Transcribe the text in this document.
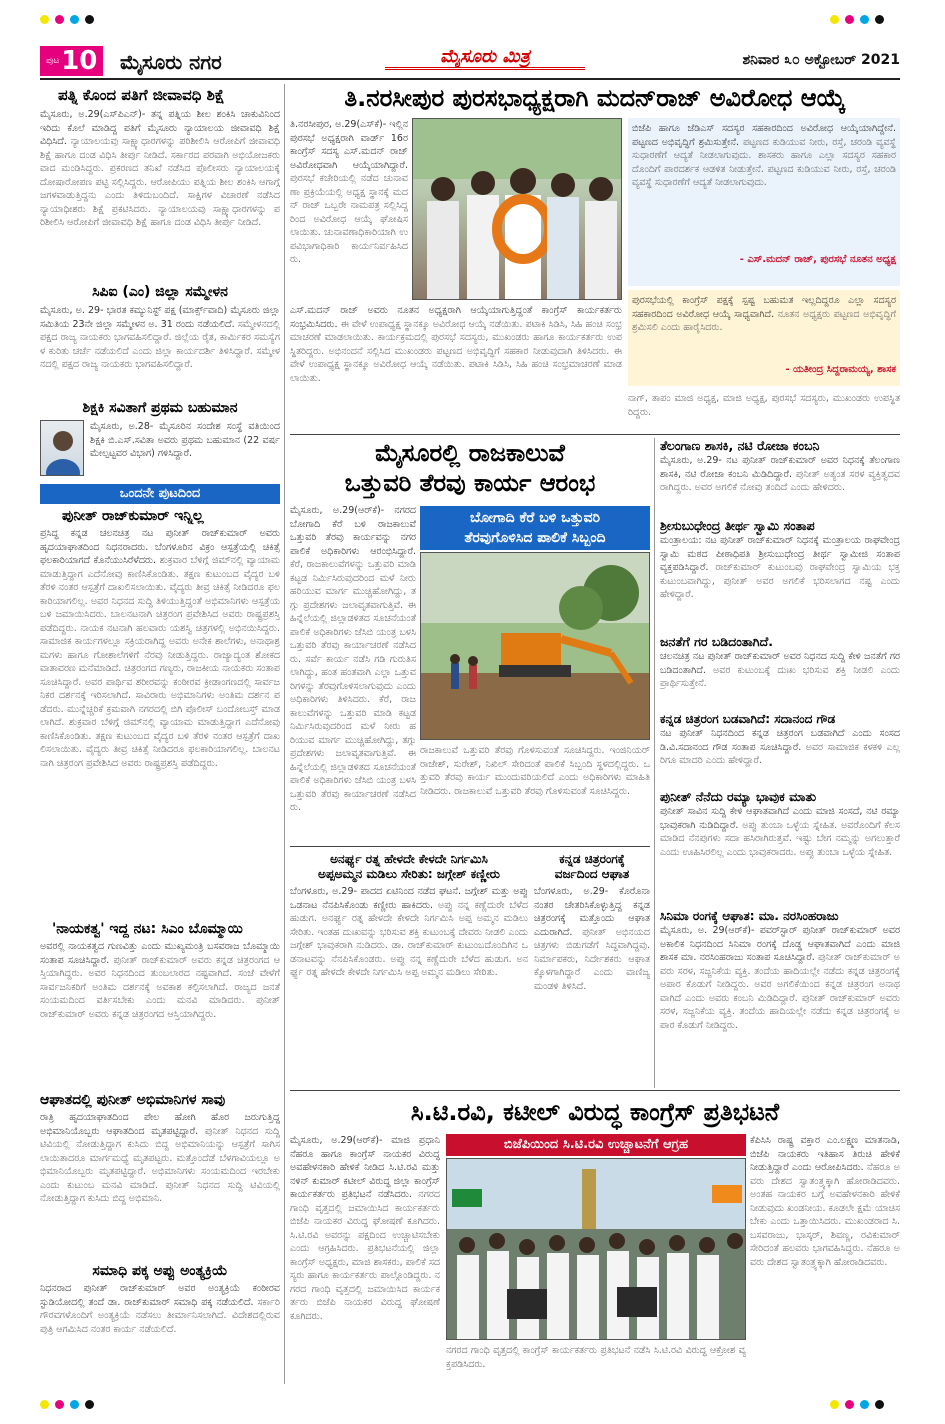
ಪುಟ 10 ಮೈಸೂರು ನಗರ	ಮೈಸೂರು ಮಿತ್ರ	ಶನಿವಾರ ೩೦ ಅಕ್ಟೋಬರ್ 2021
ಪತ್ನಿ ಕೊಂದ ಪತಿಗೆ ಜೀವಾವಧಿ ಶಿಕ್ಷೆ
ಮೈಸೂರು, ಅ.29(ಎಸ್‌ಪಿಎನ್)- ತನ್ನ ಪತ್ನಿಯ ಶೀಲ ಶಂಕಿಸಿ ಚಾಕುವಿನಿಂದ ಇರಿದು ಕೊಲೆ ಮಾಡಿದ್ದ ಪತಿಗೆ ಮೈಸೂರು ನ್ಯಾಯಾಲಯ ಜೀವಾವಧಿ ಶಿಕ್ಷೆ ವಿಧಿಸಿದೆ. ನ್ಯಾಯಾಲಯವು ಸಾಕ್ಷ್ಯಾಧಾರಗಳನ್ನು ಪರಿಶೀಲಿಸಿ ಆರೋಪಿಗೆ ಜೀವಾವಧಿ ಶಿಕ್ಷೆ ಹಾಗೂ ದಂಡ ವಿಧಿಸಿ ತೀರ್ಪು ನೀಡಿದೆ. ಸರ್ಕಾರದ ಪರವಾಗಿ ಅಭಿಯೋಜಕರು ವಾದ ಮಂಡಿಸಿದ್ದರು. ಪ್ರಕರಣದ ತನಿಖೆ ನಡೆಸಿದ ಪೊಲೀಸರು ನ್ಯಾಯಾಲಯಕ್ಕೆ ದೋಷಾರೋಪಣ ಪಟ್ಟಿ ಸಲ್ಲಿಸಿದ್ದರು. ಆರೋಪಿಯು ಪತ್ನಿಯ ಶೀಲ ಶಂಕಿಸಿ ಆಗಾಗ್ಗೆ ಜಗಳವಾಡುತ್ತಿದ್ದನು ಎಂದು ತಿಳಿದುಬಂದಿದೆ. ಸಾಕ್ಷಿಗಳ ವಿಚಾರಣೆ ನಡೆಸಿದ ನ್ಯಾಯಾಧೀಶರು ಶಿಕ್ಷೆ ಪ್ರಕಟಿಸಿದರು. ನ್ಯಾಯಾಲಯವು ಸಾಕ್ಷ್ಯಾಧಾರಗಳನ್ನು ಪರಿಶೀಲಿಸಿ ಆರೋಪಿಗೆ ಜೀವಾವಧಿ ಶಿಕ್ಷೆ ಹಾಗೂ ದಂಡ ವಿಧಿಸಿ ತೀರ್ಪು ನೀಡಿದೆ.
ಸಿಪಿಐ (ಎಂ) ಜಿಲ್ಲಾ ಸಮ್ಮೇಳನ
ಮೈಸೂರು, ಅ. 29- ಭಾರತ ಕಮ್ಯುನಿಸ್ಟ್ ಪಕ್ಷ (ಮಾರ್ಕ್ಸ್‌ವಾದಿ) ಮೈಸೂರು ಜಿಲ್ಲಾ ಸಮಿತಿಯ 23ನೇ ಜಿಲ್ಲಾ ಸಮ್ಮೇಳನ ಅ. 31 ರಂದು ನಡೆಯಲಿದೆ. ಸಮ್ಮೇಳನದಲ್ಲಿ ಪಕ್ಷದ ರಾಜ್ಯ ನಾಯಕರು ಭಾಗವಹಿಸಲಿದ್ದಾರೆ. ಜಿಲ್ಲೆಯ ರೈತ, ಕಾರ್ಮಿಕರ ಸಮಸ್ಯೆಗಳ ಕುರಿತು ಚರ್ಚೆ ನಡೆಯಲಿದೆ ಎಂದು ಜಿಲ್ಲಾ ಕಾರ್ಯದರ್ಶಿ ತಿಳಿಸಿದ್ದಾರೆ. ಸಮ್ಮೇಳನದಲ್ಲಿ ಪಕ್ಷದ ರಾಜ್ಯ ನಾಯಕರು ಭಾಗವಹಿಸಲಿದ್ದಾರೆ.
ಶಿಕ್ಷಕಿ ಸವಿತಾಗೆ ಪ್ರಥಮ ಬಹುಮಾನ
ಮೈಸೂರು, ಅ.28- ಮೈಸೂರಿನ ಸಂದೇಶ ಸಂಸ್ಥೆ ವತಿಯಿಂದ ಶಿಕ್ಷಕಿ ಬಿ.ಎಸ್.ಸವಿತಾ ಅವರು ಪ್ರಥಮ ಬಹುಮಾನ (22 ವರ್ಷ ಮೇಲ್ಪಟ್ಟವರ ವಿಭಾಗ) ಗಳಿಸಿದ್ದಾರೆ.
ಒಂದನೇ ಪುಟದಿಂದ
ಪುನೀತ್ ರಾಜ್‌ಕುಮಾರ್ ಇನ್ನಿಲ್ಲ
ಪ್ರಸಿದ್ಧ ಕನ್ನಡ ಚಲನಚಿತ್ರ ನಟ ಪುನೀತ್ ರಾಜ್‌ಕುಮಾರ್ ಅವರು ಹೃದಯಾಘಾತದಿಂದ ನಿಧನರಾದರು. ಬೆಂಗಳೂರಿನ ವಿಕ್ರಂ ಆಸ್ಪತ್ರೆಯಲ್ಲಿ ಚಿಕಿತ್ಸೆ ಫಲಕಾರಿಯಾಗದೆ ಕೊನೆಯುಸಿರೆಳೆದರು. ಶುಕ್ರವಾರ ಬೆಳಿಗ್ಗೆ ಜಿಮ್‌ನಲ್ಲಿ ವ್ಯಾಯಾಮ ಮಾಡುತ್ತಿದ್ದಾಗ ಎದೆನೋವು ಕಾಣಿಸಿಕೊಂಡಿತು. ತಕ್ಷಣ ಕುಟುಂಬದ ವೈದ್ಯರ ಬಳಿ ತೆರಳಿ ನಂತರ ಆಸ್ಪತ್ರೆಗೆ ದಾಖಲಿಸಲಾಯಿತು. ವೈದ್ಯರು ತೀವ್ರ ಚಿಕಿತ್ಸೆ ನೀಡಿದರೂ ಫಲಕಾರಿಯಾಗಲಿಲ್ಲ. ಅವರ ನಿಧನದ ಸುದ್ದಿ ತಿಳಿಯುತ್ತಿದ್ದಂತೆ ಅಭಿಮಾನಿಗಳು ಆಸ್ಪತ್ರೆಯ ಬಳಿ ಜಮಾಯಿಸಿದರು. ಬಾಲನಟನಾಗಿ ಚಿತ್ರರಂಗ ಪ್ರವೇಶಿಸಿದ ಅವರು ರಾಷ್ಟ್ರಪ್ರಶಸ್ತಿ ಪಡೆದಿದ್ದರು. ನಾಯಕ ನಟನಾಗಿ ಹಲವಾರು ಯಶಸ್ವಿ ಚಿತ್ರಗಳಲ್ಲಿ ಅಭಿನಯಿಸಿದ್ದರು. ಸಾಮಾಜಿಕ ಕಾರ್ಯಗಳಲ್ಲೂ ಸಕ್ರಿಯರಾಗಿದ್ದ ಅವರು ಅನೇಕ ಶಾಲೆಗಳು, ಅನಾಥಾಶ್ರಮಗಳು ಹಾಗೂ ಗೋಶಾಲೆಗಳಿಗೆ ನೆರವು ನೀಡುತ್ತಿದ್ದರು. ರಾಜ್ಯಾದ್ಯಂತ ಶೋಕದ ವಾತಾವರಣ ಮನೆಮಾಡಿದೆ. ಚಿತ್ರರಂಗದ ಗಣ್ಯರು, ರಾಜಕೀಯ ನಾಯಕರು ಸಂತಾಪ ಸೂಚಿಸಿದ್ದಾರೆ. ಅವರ ಪಾರ್ಥಿವ ಶರೀರವನ್ನು ಕಂಠೀರವ ಕ್ರೀಡಾಂಗಣದಲ್ಲಿ ಸಾರ್ವಜನಿಕರ ದರ್ಶನಕ್ಕೆ ಇರಿಸಲಾಗಿದೆ. ಸಾವಿರಾರು ಅಭಿಮಾನಿಗಳು ಅಂತಿಮ ದರ್ಶನ ಪಡೆದರು. ಮುನ್ನೆಚ್ಚರಿಕೆ ಕ್ರಮವಾಗಿ ನಗರದಲ್ಲಿ ಬಿಗಿ ಪೊಲೀಸ್ ಬಂದೋಬಸ್ತ್ ಮಾಡಲಾಗಿದೆ. ಶುಕ್ರವಾರ ಬೆಳಿಗ್ಗೆ ಜಿಮ್‌ನಲ್ಲಿ ವ್ಯಾಯಾಮ ಮಾಡುತ್ತಿದ್ದಾಗ ಎದೆನೋವು ಕಾಣಿಸಿಕೊಂಡಿತು. ತಕ್ಷಣ ಕುಟುಂಬದ ವೈದ್ಯರ ಬಳಿ ತೆರಳಿ ನಂತರ ಆಸ್ಪತ್ರೆಗೆ ದಾಖಲಿಸಲಾಯಿತು. ವೈದ್ಯರು ತೀವ್ರ ಚಿಕಿತ್ಸೆ ನೀಡಿದರೂ ಫಲಕಾರಿಯಾಗಲಿಲ್ಲ. ಬಾಲನಟನಾಗಿ ಚಿತ್ರರಂಗ ಪ್ರವೇಶಿಸಿದ ಅವರು ರಾಷ್ಟ್ರಪ್ರಶಸ್ತಿ ಪಡೆದಿದ್ದರು.
'ನಾಯಕತ್ವ' ಇದ್ದ ನಟ: ಸಿಎಂ ಬೊಮ್ಮಾಯಿ
ಅವರಲ್ಲಿ ನಾಯಕತ್ವದ ಗುಣವಿತ್ತು ಎಂದು ಮುಖ್ಯಮಂತ್ರಿ ಬಸವರಾಜ ಬೊಮ್ಮಾಯಿ ಸಂತಾಪ ಸೂಚಿಸಿದ್ದಾರೆ. ಪುನೀತ್ ರಾಜ್‌ಕುಮಾರ್ ಅವರು ಕನ್ನಡ ಚಿತ್ರರಂಗದ ಆಸ್ತಿಯಾಗಿದ್ದರು. ಅವರ ನಿಧನದಿಂದ ತುಂಬಲಾರದ ನಷ್ಟವಾಗಿದೆ. ಸಂಜೆ ವೇಳೆಗೆ ಸಾರ್ವಜನಿಕರಿಗೆ ಅಂತಿಮ ದರ್ಶನಕ್ಕೆ ಅವಕಾಶ ಕಲ್ಪಿಸಲಾಗಿದೆ. ರಾಜ್ಯದ ಜನತೆ ಸಂಯಮದಿಂದ ವರ್ತಿಸಬೇಕು ಎಂದು ಮನವಿ ಮಾಡಿದರು. ಪುನೀತ್ ರಾಜ್‌ಕುಮಾರ್ ಅವರು ಕನ್ನಡ ಚಿತ್ರರಂಗದ ಆಸ್ತಿಯಾಗಿದ್ದರು.
ಆಘಾತದಲ್ಲಿ ಪುನೀತ್ ಅಭಿಮಾನಿಗಳ ಸಾವು
ರಾತ್ರಿ ಹೃದಯಾಘಾತದಿಂದ ಪೇಲ ಹೋಗಿ ಹೊರ ಜರುಗುತ್ತಿದ್ದ ಅಭಿಮಾನಿಯೊಬ್ಬರು ಆಘಾತದಿಂದ ಮೃತಪಟ್ಟಿದ್ದಾರೆ. ಪುನೀತ್ ನಿಧನದ ಸುದ್ದಿ ಟಿವಿಯಲ್ಲಿ ನೋಡುತ್ತಿದ್ದಾಗ ಕುಸಿದು ಬಿದ್ದ ಅಭಿಮಾನಿಯನ್ನು ಆಸ್ಪತ್ರೆಗೆ ಸಾಗಿಸಲಾಯಿತಾದರೂ ಮಾರ್ಗಮಧ್ಯೆ ಮೃತಪಟ್ಟರು. ಮತ್ತೊಂದೆಡೆ ಬೆಳಗಾವಿಯಲ್ಲೂ ಅಭಿಮಾನಿಯೊಬ್ಬರು ಮೃತಪಟ್ಟಿದ್ದಾರೆ. ಅಭಿಮಾನಿಗಳು ಸಂಯಮದಿಂದ ಇರಬೇಕು ಎಂದು ಕುಟುಂಬ ಮನವಿ ಮಾಡಿದೆ. ಪುನೀತ್ ನಿಧನದ ಸುದ್ದಿ ಟಿವಿಯಲ್ಲಿ ನೋಡುತ್ತಿದ್ದಾಗ ಕುಸಿದು ಬಿದ್ದ ಅಭಿಮಾನಿ.
ಸಮಾಧಿ ಪಕ್ಕ ಅಪ್ಪು ಅಂತ್ಯಕ್ರಿಯೆ
ನಿಧನರಾದ ಪುನೀತ್ ರಾಜ್‌ಕುಮಾರ್ ಅವರ ಅಂತ್ಯಕ್ರಿಯೆ ಕಂಠೀರವ ಸ್ಟುಡಿಯೋದಲ್ಲಿ ತಂದೆ ಡಾ. ರಾಜ್‌ಕುಮಾರ್ ಸಮಾಧಿ ಪಕ್ಕ ನಡೆಯಲಿದೆ. ಸರ್ಕಾರಿ ಗೌರವಗಳೊಂದಿಗೆ ಅಂತ್ಯಕ್ರಿಯೆ ನಡೆಸಲು ತೀರ್ಮಾನಿಸಲಾಗಿದೆ. ವಿದೇಶದಲ್ಲಿರುವ ಪುತ್ರಿ ಆಗಮಿಸಿದ ನಂತರ ಕಾರ್ಯ ನಡೆಯಲಿದೆ.
ತಿ.ನರಸೀಪುರ ಪುರಸಭಾಧ್ಯಕ್ಷರಾಗಿ ಮದನ್‌ರಾಜ್ ಅವಿರೋಧ ಆಯ್ಕೆ
ತಿ.ನರಸೀಪುರ, ಅ.29(ಎಸ್‌ಕೆ)- ಇಲ್ಲಿನ ಪುರಸಭೆ ಅಧ್ಯಕ್ಷರಾಗಿ ವಾರ್ಡ್ 16ರ ಕಾಂಗ್ರೆಸ್ ಸದಸ್ಯ ಎಸ್.ಮದನ್ ರಾಜ್ ಅವಿರೋಧವಾಗಿ ಆಯ್ಕೆಯಾಗಿದ್ದಾರೆ. ಪುರಸಭೆ ಕಚೇರಿಯಲ್ಲಿ ನಡೆದ ಚುನಾವಣಾ ಪ್ರಕ್ರಿಯೆಯಲ್ಲಿ ಅಧ್ಯಕ್ಷ ಸ್ಥಾನಕ್ಕೆ ಮದನ್ ರಾಜ್ ಒಬ್ಬರೇ ನಾಮಪತ್ರ ಸಲ್ಲಿಸಿದ್ದರಿಂದ ಅವಿರೋಧ ಆಯ್ಕೆ ಘೋಷಿಸಲಾಯಿತು. ಚುನಾವಣಾಧಿಕಾರಿಯಾಗಿ ಉಪವಿಭಾಗಾಧಿಕಾರಿ ಕಾರ್ಯನಿರ್ವಹಿಸಿದರು.
ಬಿಜೆಪಿ ಹಾಗೂ ಜೆಡಿಎಸ್ ಸದಸ್ಯರ ಸಹಕಾರದಿಂದ ಅವಿರೋಧ ಆಯ್ಕೆಯಾಗಿದ್ದೇನೆ. ಪಟ್ಟಣದ ಅಭಿವೃದ್ಧಿಗೆ ಶ್ರಮಿಸುತ್ತೇನೆ. ಪಟ್ಟಣದ ಕುಡಿಯುವ ನೀರು, ರಸ್ತೆ, ಚರಂಡಿ ವ್ಯವಸ್ಥೆ ಸುಧಾರಣೆಗೆ ಆದ್ಯತೆ ನೀಡಲಾಗುವುದು. ಶಾಸಕರು ಹಾಗೂ ಎಲ್ಲಾ ಸದಸ್ಯರ ಸಹಕಾರದೊಂದಿಗೆ ಪಾರದರ್ಶಕ ಆಡಳಿತ ನೀಡುತ್ತೇನೆ. ಪಟ್ಟಣದ ಕುಡಿಯುವ ನೀರು, ರಸ್ತೆ, ಚರಂಡಿ ವ್ಯವಸ್ಥೆ ಸುಧಾರಣೆಗೆ ಆದ್ಯತೆ ನೀಡಲಾಗುವುದು.
- ಎಸ್.ಮದನ್ ರಾಜ್, ಪುರಸಭೆ ನೂತನ ಅಧ್ಯಕ್ಷ
ಪುರಸಭೆಯಲ್ಲಿ ಕಾಂಗ್ರೆಸ್ ಪಕ್ಷಕ್ಕೆ ಸ್ಪಷ್ಟ ಬಹುಮತ ಇಲ್ಲದಿದ್ದರೂ ಎಲ್ಲಾ ಸದಸ್ಯರ ಸಹಕಾರದಿಂದ ಅವಿರೋಧ ಆಯ್ಕೆ ಸಾಧ್ಯವಾಗಿದೆ. ನೂತನ ಅಧ್ಯಕ್ಷರು ಪಟ್ಟಣದ ಅಭಿವೃದ್ಧಿಗೆ ಶ್ರಮಿಸಲಿ ಎಂದು ಹಾರೈಸಿದರು.
- ಯತೀಂದ್ರ ಸಿದ್ದರಾಮಯ್ಯ, ಶಾಸಕ
ಎಸ್.ಮದನ್ ರಾಜ್ ಅವರು ನೂತನ ಅಧ್ಯಕ್ಷರಾಗಿ ಆಯ್ಕೆಯಾಗುತ್ತಿದ್ದಂತೆ ಕಾಂಗ್ರೆಸ್ ಕಾರ್ಯಕರ್ತರು ಸಂಭ್ರಮಿಸಿದರು. ಈ ವೇಳೆ ಉಪಾಧ್ಯಕ್ಷ ಸ್ಥಾನಕ್ಕೂ ಅವಿರೋಧ ಆಯ್ಕೆ ನಡೆಯಿತು. ಪಟಾಕಿ ಸಿಡಿಸಿ, ಸಿಹಿ ಹಂಚಿ ಸಂಭ್ರಮಾಚರಣೆ ಮಾಡಲಾಯಿತು. ಕಾರ್ಯಕ್ರಮದಲ್ಲಿ ಪುರಸಭೆ ಸದಸ್ಯರು, ಮುಖಂಡರು ಹಾಗೂ ಕಾರ್ಯಕರ್ತರು ಉಪಸ್ಥಿತರಿದ್ದರು. ಅಭಿನಂದನೆ ಸಲ್ಲಿಸಿದ ಮುಖಂಡರು ಪಟ್ಟಣದ ಅಭಿವೃದ್ಧಿಗೆ ಸಹಕಾರ ನೀಡುವುದಾಗಿ ತಿಳಿಸಿದರು. ಈ ವೇಳೆ ಉಪಾಧ್ಯಕ್ಷ ಸ್ಥಾನಕ್ಕೂ ಅವಿರೋಧ ಆಯ್ಕೆ ನಡೆಯಿತು. ಪಟಾಕಿ ಸಿಡಿಸಿ, ಸಿಹಿ ಹಂಚಿ ಸಂಭ್ರಮಾಚರಣೆ ಮಾಡಲಾಯಿತು.
ನಾಗ್, ತಾಪಂ ಮಾಜಿ ಅಧ್ಯಕ್ಷ, ಮಾಜಿ ಅಧ್ಯಕ್ಷ, ಪುರಸಭೆ ಸದಸ್ಯರು, ಮುಖಂಡರು ಉಪಸ್ಥಿತರಿದ್ದರು.
ಮೈಸೂರಲ್ಲಿ ರಾಜಕಾಲುವೆ
ಒತ್ತುವರಿ ತೆರವು ಕಾರ್ಯ ಆರಂಭ
ಮೈಸೂರು, ಅ.29(ಆರ್‌ಕೆ)- ನಗರದ ಬೋಗಾದಿ ಕೆರೆ ಬಳಿ ರಾಜಕಾಲುವೆ ಒತ್ತುವರಿ ತೆರವು ಕಾರ್ಯವನ್ನು ನಗರ ಪಾಲಿಕೆ ಅಧಿಕಾರಿಗಳು ಆರಂಭಿಸಿದ್ದಾರೆ. ಕೆರೆ, ರಾಜಕಾಲುವೆಗಳನ್ನು ಒತ್ತುವರಿ ಮಾಡಿ ಕಟ್ಟಡ ನಿರ್ಮಿಸಿರುವುದರಿಂದ ಮಳೆ ನೀರು ಹರಿಯುವ ಮಾರ್ಗ ಮುಚ್ಚಿಹೋಗಿದ್ದು, ತಗ್ಗು ಪ್ರದೇಶಗಳು ಜಲಾವೃತವಾಗುತ್ತಿವೆ. ಈ ಹಿನ್ನೆಲೆಯಲ್ಲಿ ಜಿಲ್ಲಾಡಳಿತದ ಸೂಚನೆಯಂತೆ ಪಾಲಿಕೆ ಅಧಿಕಾರಿಗಳು ಜೆಸಿಬಿ ಯಂತ್ರ ಬಳಸಿ ಒತ್ತುವರಿ ತೆರವು ಕಾರ್ಯಾಚರಣೆ ನಡೆಸಿದರು. ಸರ್ವೆ ಕಾರ್ಯ ನಡೆಸಿ ಗಡಿ ಗುರುತಿಸಲಾಗಿದ್ದು, ಹಂತ ಹಂತವಾಗಿ ಎಲ್ಲಾ ಒತ್ತುವರಿಗಳನ್ನು ತೆರವುಗೊಳಿಸಲಾಗುವುದು ಎಂದು ಅಧಿಕಾರಿಗಳು ತಿಳಿಸಿದರು. ಕೆರೆ, ರಾಜಕಾಲುವೆಗಳನ್ನು ಒತ್ತುವರಿ ಮಾಡಿ ಕಟ್ಟಡ ನಿರ್ಮಿಸಿರುವುದರಿಂದ ಮಳೆ ನೀರು ಹರಿಯುವ ಮಾರ್ಗ ಮುಚ್ಚಿಹೋಗಿದ್ದು, ತಗ್ಗು ಪ್ರದೇಶಗಳು ಜಲಾವೃತವಾಗುತ್ತಿವೆ. ಈ ಹಿನ್ನೆಲೆಯಲ್ಲಿ ಜಿಲ್ಲಾಡಳಿತದ ಸೂಚನೆಯಂತೆ ಪಾಲಿಕೆ ಅಧಿಕಾರಿಗಳು ಜೆಸಿಬಿ ಯಂತ್ರ ಬಳಸಿ ಒತ್ತುವರಿ ತೆರವು ಕಾರ್ಯಾಚರಣೆ ನಡೆಸಿದರು.
ಬೋಗಾದಿ ಕೆರೆ ಬಳಿ ಒತ್ತುವರಿ
ತೆರವುಗೊಳಿಸಿದ ಪಾಲಿಕೆ ಸಿಬ್ಬಂದಿ
ರಾಜಕಾಲುವೆ ಒತ್ತುವರಿ ತೆರವು ಗೊಳಿಸುವಂತೆ ಸೂಚಿಸಿದ್ದರು. ಇಂಜಿನಿಯರ್ ರಾಜೇಶ್, ಸುರೇಶ್, ನಿಖಿಲ್ ಸೇರಿದಂತೆ ಪಾಲಿಕೆ ಸಿಬ್ಬಂದಿ ಸ್ಥಳದಲ್ಲಿದ್ದರು. ಒತ್ತುವರಿ ತೆರವು ಕಾರ್ಯ ಮುಂದುವರಿಯಲಿದೆ ಎಂದು ಅಧಿಕಾರಿಗಳು ಮಾಹಿತಿ ನೀಡಿದರು. ರಾಜಕಾಲುವೆ ಒತ್ತುವರಿ ತೆರವು ಗೊಳಿಸುವಂತೆ ಸೂಚಿಸಿದ್ದರು.
ಅನರ್ಘ್ಯ ರತ್ನ ಹೇಳದೇ ಕೇಳದೇ ನಿರ್ಗಮಿಸಿ
ಅಪ್ಪಅಮ್ಮನ ಮಡಿಲು ಸೇರಿತು: ಜಗ್ಗೇಶ್ ಕಣ್ಣೀರು
ಬೆಂಗಳೂರು, ಅ.29- ಪಾದದ ಏಟಿನಿಂದ ನಡೆದ ಘಟನೆ. ಜಗ್ಗೇಶ್ ಮತ್ತು ಅಪ್ಪು ಒಡನಾಟ ನೆನಪಿಸಿಕೊಂಡು ಕಣ್ಣೀರು ಹಾಕಿದರು. ಅಪ್ಪು ನನ್ನ ಕಣ್ಣೆದುರೇ ಬೆಳೆದ ಹುಡುಗ. ಅನರ್ಘ್ಯ ರತ್ನ ಹೇಳದೇ ಕೇಳದೇ ನಿರ್ಗಮಿಸಿ ಅಪ್ಪ ಅಮ್ಮನ ಮಡಿಲು ಸೇರಿತು. ಇಂತಹ ದುಃಖವನ್ನು ಭರಿಸುವ ಶಕ್ತಿ ಕುಟುಂಬಕ್ಕೆ ದೇವರು ನೀಡಲಿ ಎಂದು ಜಗ್ಗೇಶ್ ಭಾವುಕರಾಗಿ ನುಡಿದರು. ಡಾ. ರಾಜ್‌ಕುಮಾರ್ ಕುಟುಂಬದೊಂದಿಗಿನ ಒಡನಾಟವನ್ನು ನೆನಪಿಸಿಕೊಂಡರು. ಅಪ್ಪು ನನ್ನ ಕಣ್ಣೆದುರೇ ಬೆಳೆದ ಹುಡುಗ. ಅನರ್ಘ್ಯ ರತ್ನ ಹೇಳದೇ ಕೇಳದೇ ನಿರ್ಗಮಿಸಿ ಅಪ್ಪ ಅಮ್ಮನ ಮಡಿಲು ಸೇರಿತು.
ಕನ್ನಡ ಚಿತ್ರರಂಗಕ್ಕೆ
ವರ್ಜದಿಂದ ಆಘಾತ
ಬೆಂಗಳೂರು, ಅ.29- ಕೊರೊನಾ ನಂತರ ಚೇತರಿಸಿಕೊಳ್ಳುತ್ತಿದ್ದ ಕನ್ನಡ ಚಿತ್ರರಂಗಕ್ಕೆ ಮತ್ತೊಂದು ಆಘಾತ ಎದುರಾಗಿದೆ. ಪುನೀತ್ ಅಭಿನಯದ ಚಿತ್ರಗಳು ಬಿಡುಗಡೆಗೆ ಸಿದ್ಧವಾಗಿದ್ದವು. ನಿರ್ಮಾಪಕರು, ನಿರ್ದೇಶಕರು ಆಘಾತಕ್ಕೊಳಗಾಗಿದ್ದಾರೆ ಎಂದು ವಾಣಿಜ್ಯ ಮಂಡಳಿ ತಿಳಿಸಿದೆ.
ತೆಲಂಗಾಣ ಶಾಸಕಿ, ನಟಿ ರೋಜಾ ಕಂಬನಿ
ಮೈಸೂರು, ಅ.29- ನಟ ಪುನೀತ್ ರಾಜ್‌ಕುಮಾರ್ ಅವರ ನಿಧನಕ್ಕೆ ತೆಲಂಗಾಣ ಶಾಸಕಿ, ನಟಿ ರೋಜಾ ಕಂಬನಿ ಮಿಡಿದಿದ್ದಾರೆ. ಪುನೀತ್ ಅತ್ಯಂತ ಸರಳ ವ್ಯಕ್ತಿತ್ವದವರಾಗಿದ್ದರು. ಅವರ ಅಗಲಿಕೆ ನೋವು ತಂದಿದೆ ಎಂದು ಹೇಳಿದರು.
ಶ್ರೀಸುಬುಧೇಂದ್ರ ತೀರ್ಥ ಸ್ವಾಮಿ ಸಂತಾಪ
ಮಂತ್ರಾಲಯ: ನಟ ಪುನೀತ್ ರಾಜ್‌ಕುಮಾರ್ ನಿಧನಕ್ಕೆ ಮಂತ್ರಾಲಯ ರಾಘವೇಂದ್ರ ಸ್ವಾಮಿ ಮಠದ ಪೀಠಾಧಿಪತಿ ಶ್ರೀಸುಬುಧೇಂದ್ರ ತೀರ್ಥ ಸ್ವಾಮೀಜಿ ಸಂತಾಪ ವ್ಯಕ್ತಪಡಿಸಿದ್ದಾರೆ. ರಾಜ್‌ಕುಮಾರ್ ಕುಟುಂಬವು ರಾಘವೇಂದ್ರ ಸ್ವಾಮಿಯ ಭಕ್ತ ಕುಟುಂಬವಾಗಿದ್ದು, ಪುನೀತ್ ಅವರ ಅಗಲಿಕೆ ಭರಿಸಲಾಗದ ನಷ್ಟ ಎಂದು ಹೇಳಿದ್ದಾರೆ.
ಜನತೆಗೆ ಗರ ಬಡಿದಂತಾಗಿದೆ.
ಚಲನಚಿತ್ರ ನಟ ಪುನೀತ್ ರಾಜ್‌ಕುಮಾರ್ ಅವರ ನಿಧನದ ಸುದ್ದಿ ಕೇಳಿ ಜನತೆಗೆ ಗರ ಬಡಿದಂತಾಗಿದೆ. ಅವರ ಕುಟುಂಬಕ್ಕೆ ದುಃಖ ಭರಿಸುವ ಶಕ್ತಿ ನೀಡಲಿ ಎಂದು ಪ್ರಾರ್ಥಿಸುತ್ತೇನೆ.
ಕನ್ನಡ ಚಿತ್ರರಂಗ ಬಡವಾಗಿದೆ: ಸದಾನಂದ ಗೌಡ
ನಟ ಪುನೀತ್ ನಿಧನದಿಂದ ಕನ್ನಡ ಚಿತ್ರರಂಗ ಬಡವಾಗಿದೆ ಎಂದು ಸಂಸದ ಡಿ.ವಿ.ಸದಾನಂದ ಗೌಡ ಸಂತಾಪ ಸೂಚಿಸಿದ್ದಾರೆ. ಅವರ ಸಾಮಾಜಿಕ ಕಳಕಳಿ ಎಲ್ಲರಿಗೂ ಮಾದರಿ ಎಂದು ಹೇಳಿದ್ದಾರೆ.
ಪುನೀತ್ ನೆನೆದು ರಮ್ಯಾ ಭಾವುಕ ಮಾತು
ಪುನೀತ್ ಸಾವಿನ ಸುದ್ದಿ ಕೇಳಿ ಆಘಾತವಾಗಿದೆ ಎಂದು ಮಾಜಿ ಸಂಸದೆ, ನಟಿ ರಮ್ಯಾ ಭಾವುಕರಾಗಿ ನುಡಿದಿದ್ದಾರೆ. ಅಪ್ಪು ತುಂಬಾ ಒಳ್ಳೆಯ ಸ್ನೇಹಿತ. ಅವರೊಂದಿಗೆ ಕೆಲಸ ಮಾಡಿದ ನೆನಪುಗಳು ಸದಾ ಹಸಿರಾಗಿರುತ್ತವೆ. ಇಷ್ಟು ಬೇಗ ನಮ್ಮನ್ನು ಅಗಲುತ್ತಾರೆ ಎಂದು ಊಹಿಸಿರಲಿಲ್ಲ ಎಂದು ಭಾವುಕರಾದರು. ಅಪ್ಪು ತುಂಬಾ ಒಳ್ಳೆಯ ಸ್ನೇಹಿತ.
ಸಿನಿಮಾ ರಂಗಕ್ಕೆ ಆಘಾತ: ಮಾ. ನರಸಿಂಹರಾಜು
ಮೈಸೂರು, ಅ. 29(ಆರ್‌ಕೆ)- ಪವರ್‌ಸ್ಟಾರ್ ಪುನೀತ್ ರಾಜ್‌ಕುಮಾರ್ ಅವರ ಅಕಾಲಿಕ ನಿಧನದಿಂದ ಸಿನಿಮಾ ರಂಗಕ್ಕೆ ದೊಡ್ಡ ಆಘಾತವಾಗಿದೆ ಎಂದು ಮಾಜಿ ಶಾಸಕ ಮಾ. ನರಸಿಂಹರಾಜು ಸಂತಾಪ ಸೂಚಿಸಿದ್ದಾರೆ. ಪುನೀತ್ ರಾಜ್‌ಕುಮಾರ್ ಅವರು ಸರಳ, ಸಜ್ಜನಿಕೆಯ ವ್ಯಕ್ತಿ. ತಂದೆಯ ಹಾದಿಯಲ್ಲೇ ನಡೆದು ಕನ್ನಡ ಚಿತ್ರರಂಗಕ್ಕೆ ಅಪಾರ ಕೊಡುಗೆ ನೀಡಿದ್ದರು. ಅವರ ಅಗಲಿಕೆಯಿಂದ ಕನ್ನಡ ಚಿತ್ರರಂಗ ಅನಾಥವಾಗಿದೆ ಎಂದು ಅವರು ಕಂಬನಿ ಮಿಡಿದಿದ್ದಾರೆ. ಪುನೀತ್ ರಾಜ್‌ಕುಮಾರ್ ಅವರು ಸರಳ, ಸಜ್ಜನಿಕೆಯ ವ್ಯಕ್ತಿ. ತಂದೆಯ ಹಾದಿಯಲ್ಲೇ ನಡೆದು ಕನ್ನಡ ಚಿತ್ರರಂಗಕ್ಕೆ ಅಪಾರ ಕೊಡುಗೆ ನೀಡಿದ್ದರು.
ಸಿ.ಟಿ.ರವಿ, ಕಟೀಲ್ ವಿರುದ್ಧ ಕಾಂಗ್ರೆಸ್ ಪ್ರತಿಭಟನೆ
ಮೈಸೂರು, ಅ.29(ಆರ್‌ಕೆ)- ಮಾಜಿ ಪ್ರಧಾನಿ ನೆಹರೂ ಹಾಗೂ ಕಾಂಗ್ರೆಸ್ ನಾಯಕರ ವಿರುದ್ಧ ಅವಹೇಳನಕಾರಿ ಹೇಳಿಕೆ ನೀಡಿದ ಸಿ.ಟಿ.ರವಿ ಮತ್ತು ನಳಿನ್ ಕುಮಾರ್ ಕಟೀಲ್ ವಿರುದ್ಧ ಜಿಲ್ಲಾ ಕಾಂಗ್ರೆಸ್ ಕಾರ್ಯಕರ್ತರು ಪ್ರತಿಭಟನೆ ನಡೆಸಿದರು. ನಗರದ ಗಾಂಧಿ ವೃತ್ತದಲ್ಲಿ ಜಮಾಯಿಸಿದ ಕಾರ್ಯಕರ್ತರು ಬಿಜೆಪಿ ನಾಯಕರ ವಿರುದ್ಧ ಘೋಷಣೆ ಕೂಗಿದರು. ಸಿ.ಟಿ.ರವಿ ಅವರನ್ನು ಪಕ್ಷದಿಂದ ಉಚ್ಚಾಟಿಸಬೇಕು ಎಂದು ಆಗ್ರಹಿಸಿದರು. ಪ್ರತಿಭಟನೆಯಲ್ಲಿ ಜಿಲ್ಲಾ ಕಾಂಗ್ರೆಸ್ ಅಧ್ಯಕ್ಷರು, ಮಾಜಿ ಶಾಸಕರು, ಪಾಲಿಕೆ ಸದಸ್ಯರು ಹಾಗೂ ಕಾರ್ಯಕರ್ತರು ಪಾಲ್ಗೊಂಡಿದ್ದರು. ನಗರದ ಗಾಂಧಿ ವೃತ್ತದಲ್ಲಿ ಜಮಾಯಿಸಿದ ಕಾರ್ಯಕರ್ತರು ಬಿಜೆಪಿ ನಾಯಕರ ವಿರುದ್ಧ ಘೋಷಣೆ ಕೂಗಿದರು.
ಬಿಜೆಪಿಯಿಂದ ಸಿ.ಟಿ.ರವಿ ಉಚ್ಚಾಟನೆಗೆ ಆಗ್ರಹ
ನಗರದ ಗಾಂಧಿ ವೃತ್ತದಲ್ಲಿ ಕಾಂಗ್ರೆಸ್ ಕಾರ್ಯಕರ್ತರು ಪ್ರತಿಭಟನೆ ನಡೆಸಿ ಸಿ.ಟಿ.ರವಿ ವಿರುದ್ಧ ಆಕ್ರೋಶ ವ್ಯಕ್ತಪಡಿಸಿದರು.
ಕೆಪಿಸಿಸಿ ರಾಷ್ಟ್ರ ವಕ್ತಾರ ಎಂ.ಲಕ್ಷ್ಮಣ ಮಾತನಾಡಿ, ಬಿಜೆಪಿ ನಾಯಕರು ಇತಿಹಾಸ ತಿರುಚಿ ಹೇಳಿಕೆ ನೀಡುತ್ತಿದ್ದಾರೆ ಎಂದು ಆರೋಪಿಸಿದರು. ನೆಹರೂ ಅವರು ದೇಶದ ಸ್ವಾತಂತ್ರ್ಯಕ್ಕಾಗಿ ಹೋರಾಡಿದವರು. ಅಂತಹ ನಾಯಕರ ಬಗ್ಗೆ ಅವಹೇಳನಕಾರಿ ಹೇಳಿಕೆ ನೀಡುವುದು ಖಂಡನೀಯ. ಕೂಡಲೇ ಕ್ಷಮೆ ಯಾಚಿಸಬೇಕು ಎಂದು ಒತ್ತಾಯಿಸಿದರು. ಮುಖಂಡರಾದ ಸಿ.ಬಸವರಾಜು, ಭಾಸ್ಕರ್, ಶಿವಣ್ಣ, ರವಿಕುಮಾರ್ ಸೇರಿದಂತೆ ಹಲವರು ಭಾಗವಹಿಸಿದ್ದರು. ನೆಹರೂ ಅವರು ದೇಶದ ಸ್ವಾತಂತ್ರ್ಯಕ್ಕಾಗಿ ಹೋರಾಡಿದವರು.
